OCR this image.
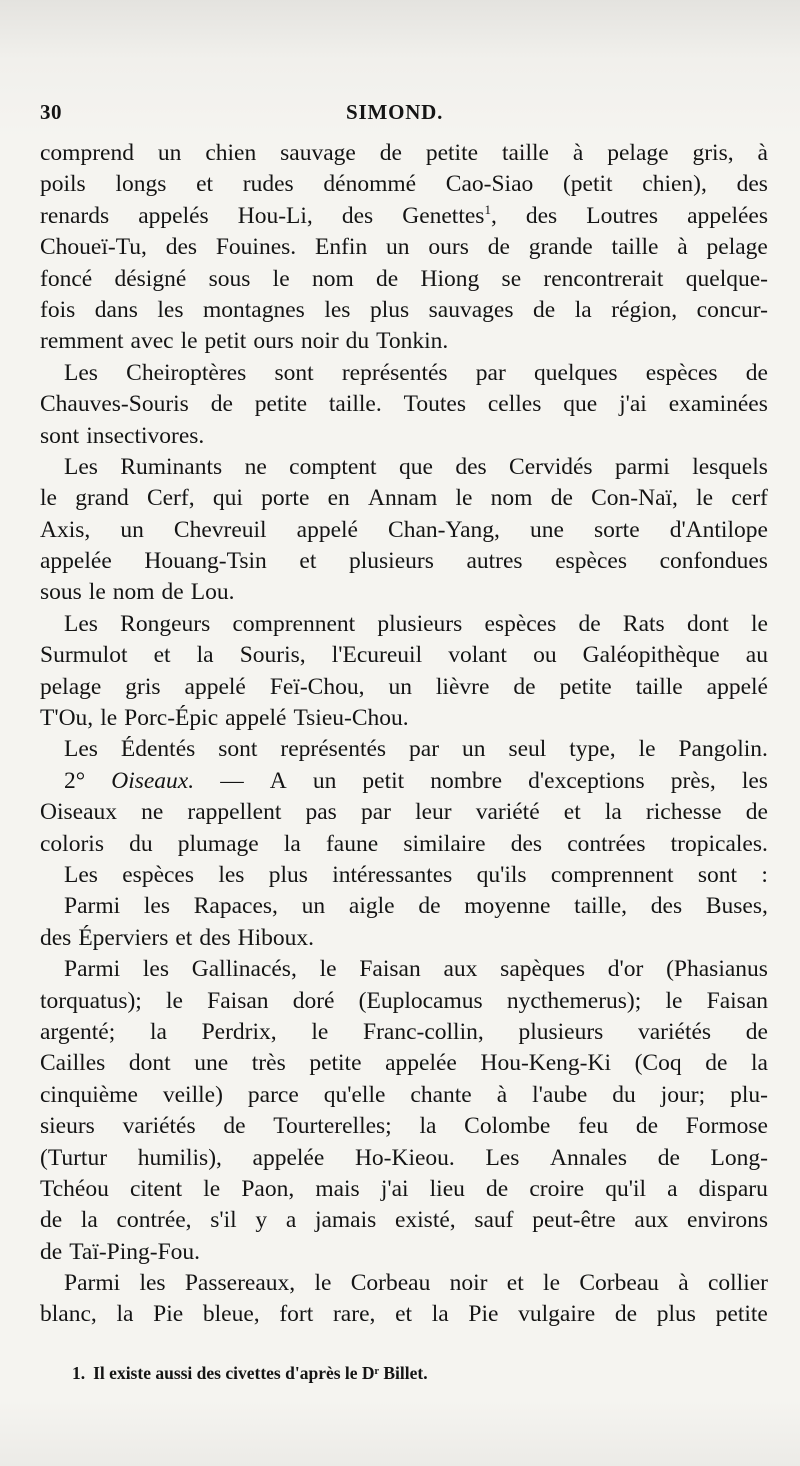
30	SIMOND.
comprend un chien sauvage de petite taille à pelage gris, à
poils longs et rudes dénommé Cao-Siao (petit chien), des
renards appelés Hou-Li, des Genettes$^1$, des Loutres appelées
Choueï-Tu, des Fouines. Enfin un ours de grande taille à pelage
foncé désigné sous le nom de Hiong se rencontrerait quelque-
fois dans les montagnes les plus sauvages de la région, concur-
remment avec le petit ours noir du Tonkin.
Les Cheiroptères sont représentés par quelques espèces de
Chauves-Souris de petite taille. Toutes celles que j'ai examinées
sont insectivores.
Les Ruminants ne comptent que des Cervidés parmi lesquels
le grand Cerf, qui porte en Annam le nom de Con-Naï, le cerf
Axis, un Chevreuil appelé Chan-Yang, une sorte d'Antilope
appelée Houang-Tsin et plusieurs autres espèces confondues
sous le nom de Lou.
Les Rongeurs comprennent plusieurs espèces de Rats dont le
Surmulot et la Souris, l'Ecureuil volant ou Galéopithèque au
pelage gris appelé Feï-Chou, un lièvre de petite taille appelé
T'Ou, le Porc-Épic appelé Tsieu-Chou.
Les Édentés sont représentés par un seul type, le Pangolin.
2° Oiseaux. — A un petit nombre d'exceptions près, les
Oiseaux ne rappellent pas par leur variété et la richesse de
coloris du plumage la faune similaire des contrées tropicales.
Les espèces les plus intéressantes qu'ils comprennent sont :
Parmi les Rapaces, un aigle de moyenne taille, des Buses,
des Éperviers et des Hiboux.
Parmi les Gallinacés, le Faisan aux sapèques d'or (Phasianus
torquatus); le Faisan doré (Euplocamus nycthemerus); le Faisan
argenté; la Perdrix, le Franc-collin, plusieurs variétés de
Cailles dont une très petite appelée Hou-Keng-Ki (Coq de la
cinquième veille) parce qu'elle chante à l'aube du jour; plu-
sieurs variétés de Tourterelles; la Colombe feu de Formose
(Turtur humilis), appelée Ho-Kieou. Les Annales de Long-
Tchéou citent le Paon, mais j'ai lieu de croire qu'il a disparu
de la contrée, s'il y a jamais existé, sauf peut-être aux environs
de Taï-Ping-Fou.
Parmi les Passereaux, le Corbeau noir et le Corbeau à collier
blanc, la Pie bleue, fort rare, et la Pie vulgaire de plus petite
1. Il existe aussi des civettes d'après le Dʳ Billet.
